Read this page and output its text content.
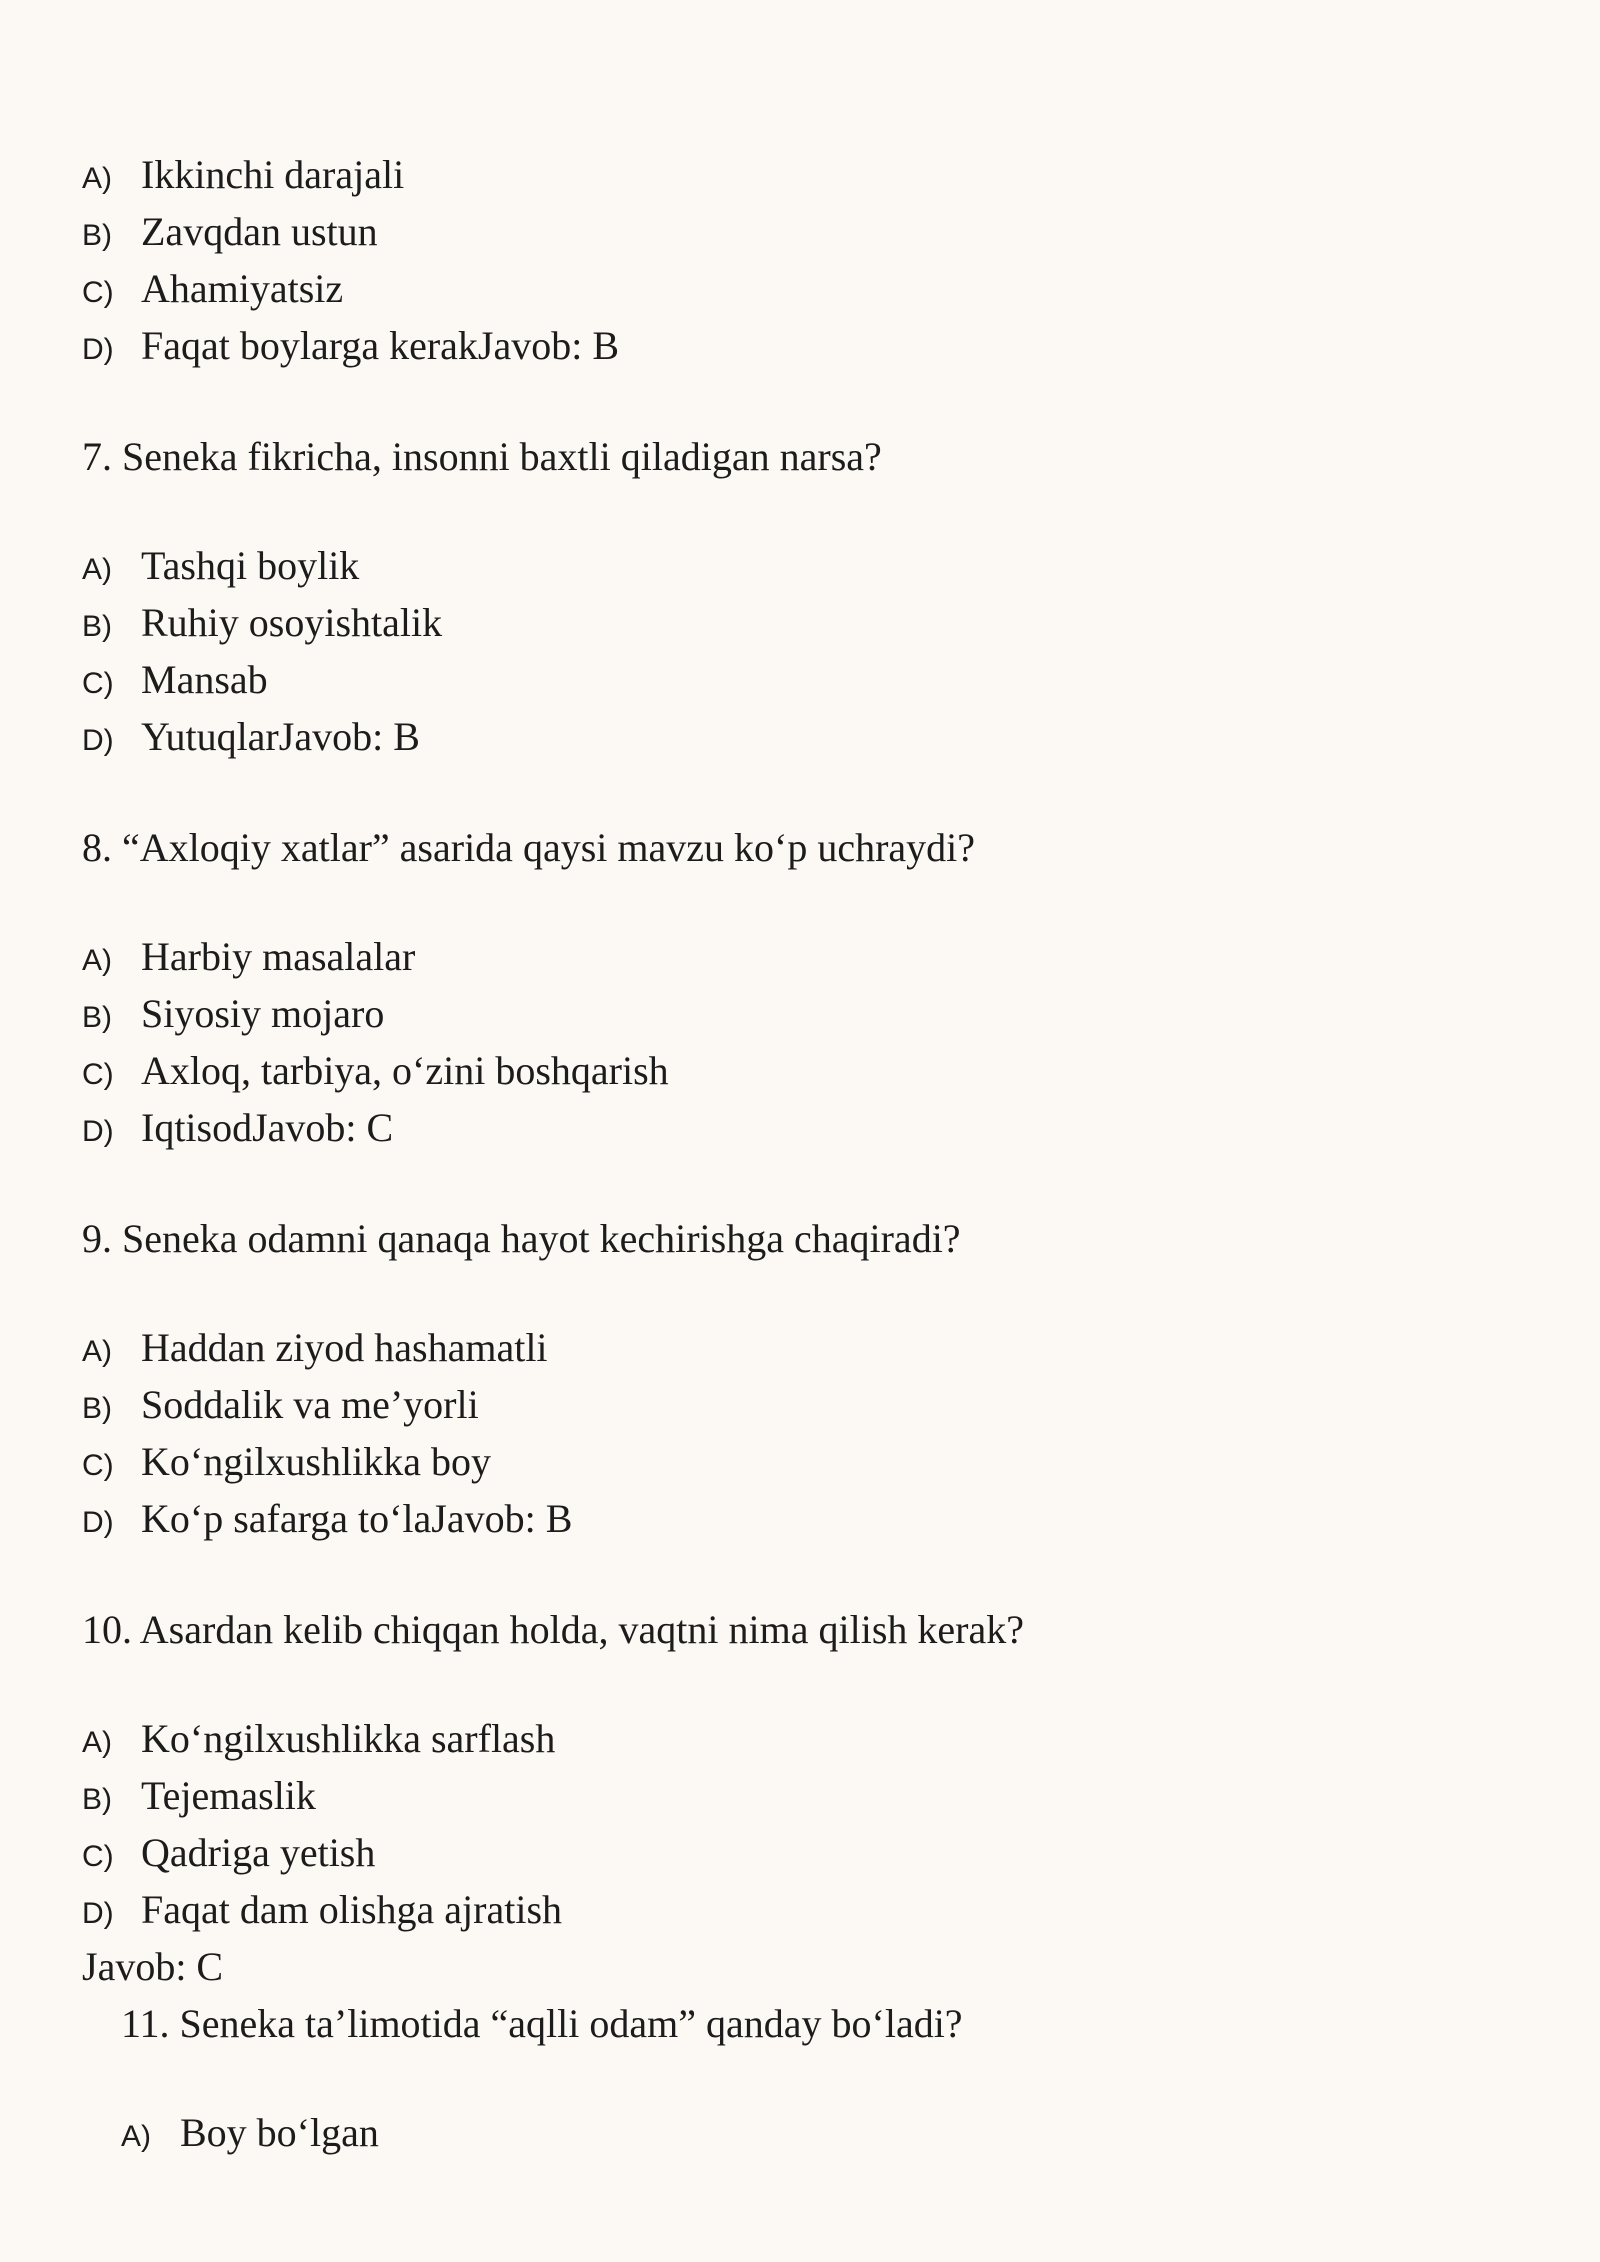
A) Ikkinchi darajali
B) Zavqdan ustun
C) Ahamiyatsiz
D) Faqat boylarga kerakJavob: B

7. Seneka fikricha, insonni baxtli qiladigan narsa?

A) Tashqi boylik
B) Ruhiy osoyishtalik
C) Mansab
D) YutuqlarJavob: B

8. “Axloqiy xatlar” asarida qaysi mavzu ko‘p uchraydi?

A) Harbiy masalalar
B) Siyosiy mojaro
C) Axloq, tarbiya, o‘zini boshqarish
D) IqtisodJavob: C

9. Seneka odamni qanaqa hayot kechirishga chaqiradi?

A) Haddan ziyod hashamatli
B) Soddalik va me’yorli
C) Ko‘ngilxushlikka boy
D) Ko‘p safarga to‘laJavob: B

10. Asardan kelib chiqqan holda, vaqtni nima qilish kerak?

A) Ko‘ngilxushlikka sarflash
B) Tejemaslik
C) Qadriga yetish
D) Faqat dam olishga ajratish
Javob: C

11. Seneka ta’limotida “aqlli odam” qanday bo‘ladi?

A) Boy bo‘lgan
